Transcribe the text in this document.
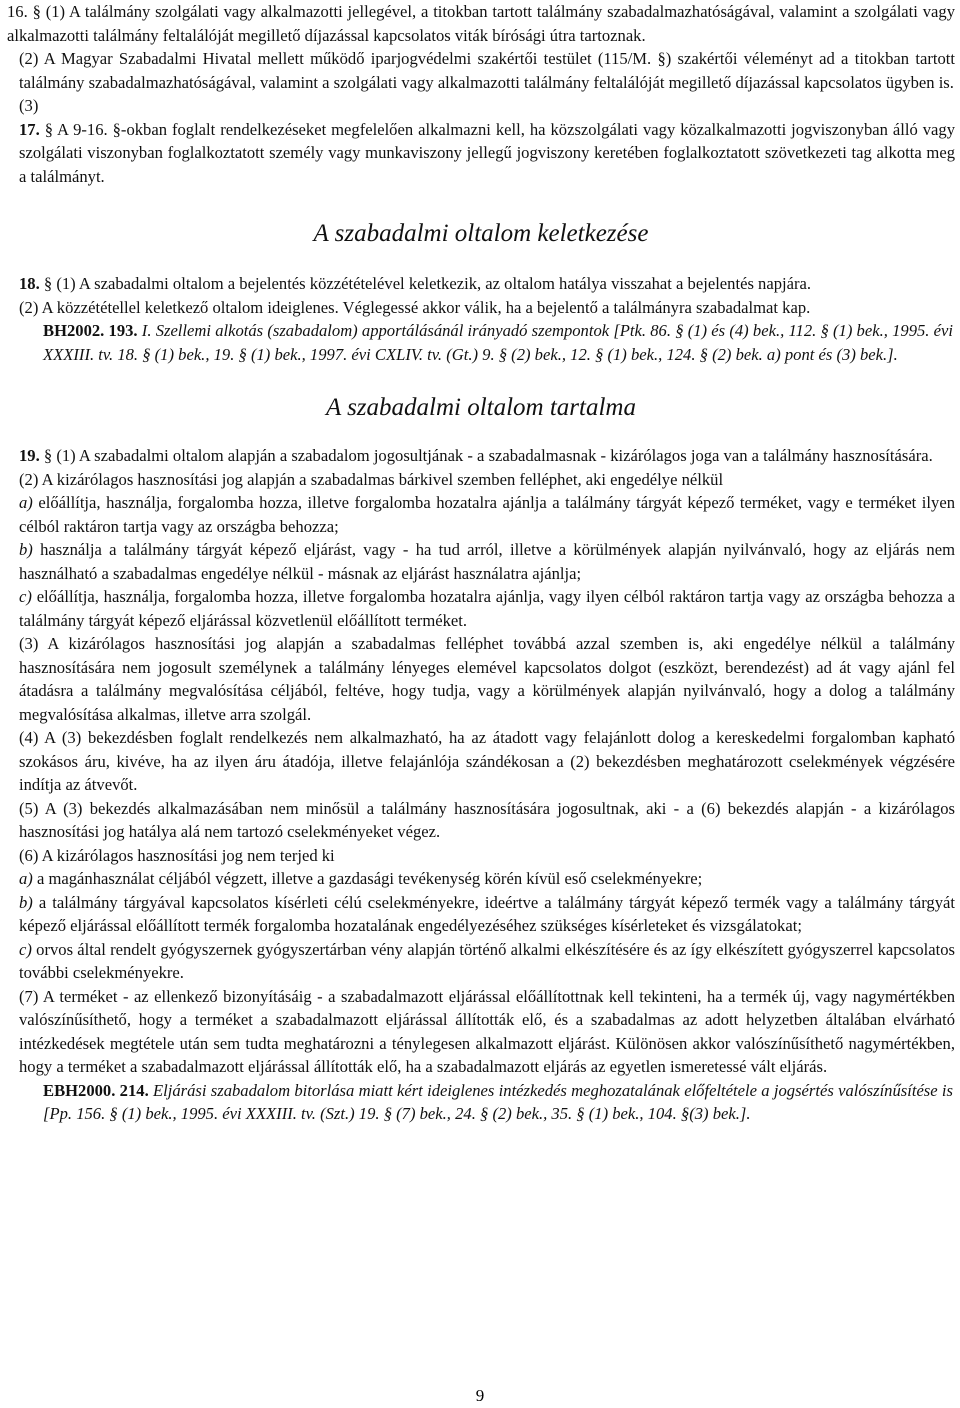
16. § (1) A találmány szolgálati vagy alkalmazotti jellegével, a titokban tartott találmány szabadalmazhatóságával, valamint a szolgálati vagy alkalmazotti találmány feltalálóját megillető díjazással kapcsolatos viták bírósági útra tartoznak.

(2) A Magyar Szabadalmi Hivatal mellett működő iparjogvédelmi szakértői testület (115/M. §) szakértői véleményt ad a titokban tartott találmány szabadalmazhatóságával, valamint a szolgálati vagy alkalmazotti találmány feltalálóját megillető díjazással kapcsolatos ügyben is.

(3)

17. § A 9-16. §-okban foglalt rendelkezéseket megfelelően alkalmazni kell, ha közszolgálati vagy közalkalmazotti jogviszonyban álló vagy szolgálati viszonyban foglalkoztatott személy vagy munkaviszony jellegű jogviszony keretében foglalkoztatott szövetkezeti tag alkotta meg a találmányt.

A szabadalmi oltalom keletkezése

18. § (1) A szabadalmi oltalom a bejelentés közzétételével keletkezik, az oltalom hatálya visszahat a bejelentés napjára.

(2) A közzététellel keletkező oltalom ideiglenes. Véglegessé akkor válik, ha a bejelentő a találmányra szabadalmat kap.

BH2002. 193. I. Szellemi alkotás (szabadalom) apportálásánál irányadó szempontok [Ptk. 86. § (1) és (4) bek., 112. § (1) bek., 1995. évi XXXIII. tv. 18. § (1) bek., 19. § (1) bek., 1997. évi CXLIV. tv. (Gt.) 9. § (2) bek., 12. § (1) bek., 124. § (2) bek. a) pont és (3) bek.].

A szabadalmi oltalom tartalma

19. § (1) A szabadalmi oltalom alapján a szabadalom jogosultjának - a szabadalmasnak - kizárólagos joga van a találmány hasznosítására.

(2) A kizárólagos hasznosítási jog alapján a szabadalmas bárkivel szemben felléphet, aki engedélye nélkül

a) előállítja, használja, forgalomba hozza, illetve forgalomba hozatalra ajánlja a találmány tárgyát képező terméket, vagy e terméket ilyen célból raktáron tartja vagy az országba behozza;

b) használja a találmány tárgyát képező eljárást, vagy - ha tud arról, illetve a körülmények alapján nyilvánvaló, hogy az eljárás nem használható a szabadalmas engedélye nélkül - másnak az eljárást használatra ajánlja;

c) előállítja, használja, forgalomba hozza, illetve forgalomba hozatalra ajánlja, vagy ilyen célból raktáron tartja vagy az országba behozza a találmány tárgyát képező eljárással közvetlenül előállított terméket.

(3) A kizárólagos hasznosítási jog alapján a szabadalmas felléphet továbbá azzal szemben is, aki engedélye nélkül a találmány hasznosítására nem jogosult személynek a találmány lényeges elemével kapcsolatos dolgot (eszközt, berendezést) ad át vagy ajánl fel átadásra a találmány megvalósítása céljából, feltéve, hogy tudja, vagy a körülmények alapján nyilvánvaló, hogy a dolog a találmány megvalósítása alkalmas, illetve arra szolgál.

(4) A (3) bekezdésben foglalt rendelkezés nem alkalmazható, ha az átadott vagy felajánlott dolog a kereskedelmi forgalomban kapható szokásos áru, kivéve, ha az ilyen áru átadója, illetve felajánlója szándékosan a (2) bekezdésben meghatározott cselekmények végzésére indítja az átvevőt.

(5) A (3) bekezdés alkalmazásában nem minősül a találmány hasznosítására jogosultnak, aki - a (6) bekezdés alapján - a kizárólagos hasznosítási jog hatálya alá nem tartozó cselekményeket végez.

(6) A kizárólagos hasznosítási jog nem terjed ki

a) a magánhasználat céljából végzett, illetve a gazdasági tevékenység körén kívül eső cselekményekre;

b) a találmány tárgyával kapcsolatos kísérleti célú cselekményekre, ideértve a találmány tárgyát képező termék vagy a találmány tárgyát képező eljárással előállított termék forgalomba hozatalának engedélyezéséhez szükséges kísérleteket és vizsgálatokat;

c) orvos által rendelt gyógyszernek gyógyszertárban vény alapján történő alkalmi elkészítésére és az így elkészített gyógyszerrel kapcsolatos további cselekményekre.

(7) A terméket - az ellenkező bizonyításáig - a szabadalmazott eljárással előállítottnak kell tekinteni, ha a termék új, vagy nagymértékben valószínűsíthető, hogy a terméket a szabadalmazott eljárással állították elő, és a szabadalmas az adott helyzetben általában elvárható intézkedések megtétele után sem tudta meghatározni a ténylegesen alkalmazott eljárást. Különösen akkor valószínűsíthető nagymértékben, hogy a terméket a szabadalmazott eljárással állították elő, ha a szabadalmazott eljárás az egyetlen ismeretessé vált eljárás.

EBH2000. 214. Eljárási szabadalom bitorlása miatt kért ideiglenes intézkedés meghozatalának előfeltétele a jogsértés valószínűsítése is [Pp. 156. § (1) bek., 1995. évi XXXIII. tv. (Szt.) 19. § (7) bek., 24. § (2) bek., 35. § (1) bek., 104. §(3) bek.].

9
